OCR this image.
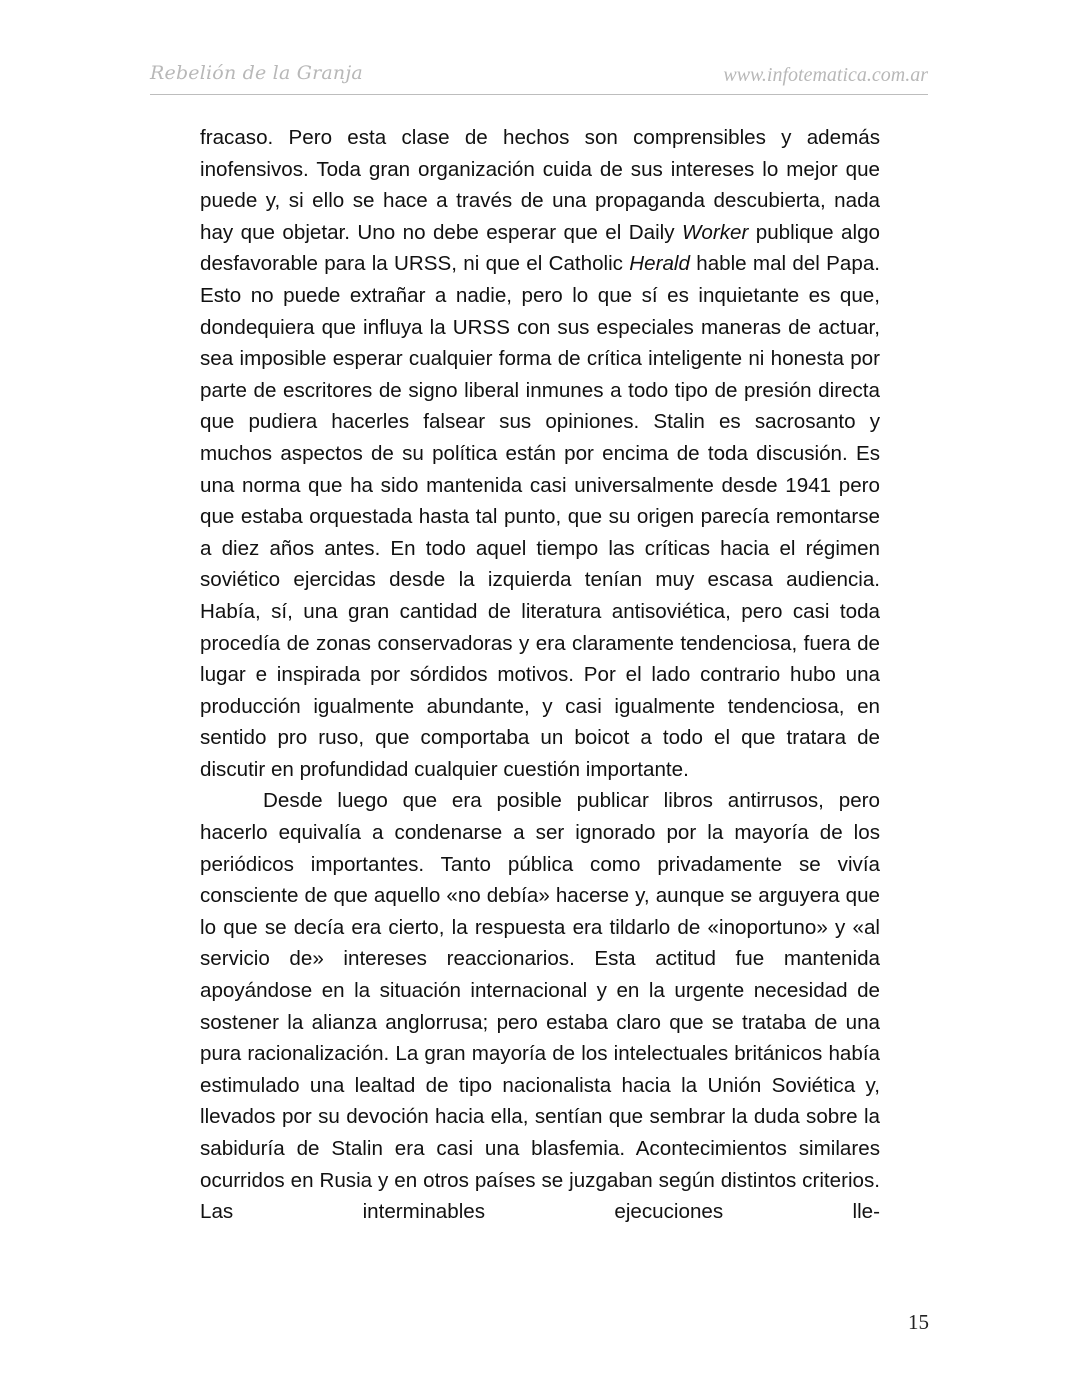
Rebelión de la Granja	www.infotematica.com.ar

fracaso. Pero esta clase de hechos son comprensibles y además inofensivos. Toda gran organización cuida de sus intereses lo mejor que puede y, si ello se hace a través de una propaganda descubierta, nada hay que objetar. Uno no debe esperar que el Daily Worker publique algo desfavorable para la URSS, ni que el Catholic Herald hable mal del Papa. Esto no puede extrañar a nadie, pero lo que sí es inquietante es que, dondequiera que influya la URSS con sus especiales maneras de actuar, sea imposible esperar cualquier forma de crítica inteligente ni honesta por parte de escritores de signo liberal inmunes a todo tipo de presión directa que pudiera hacerles falsear sus opiniones. Stalin es sacrosanto y muchos aspectos de su política están por encima de toda discusión. Es una norma que ha sido mantenida casi universalmente desde 1941 pero que estaba orquestada hasta tal punto, que su origen parecía remontarse a diez años antes. En todo aquel tiempo las críticas hacia el régimen soviético ejercidas desde la izquierda tenían muy escasa audiencia. Había, sí, una gran cantidad de literatura antisoviética, pero casi toda procedía de zonas conservadoras y era claramente tendenciosa, fuera de lugar e inspirada por sórdidos motivos. Por el lado contrario hubo una producción igualmente abundante, y casi igualmente tendenciosa, en sentido pro ruso, que comportaba un boicot a todo el que tratara de discutir en profundidad cualquier cuestión importante.

Desde luego que era posible publicar libros antirrusos, pero hacerlo equivalía a condenarse a ser ignorado por la mayoría de los periódicos importantes. Tanto pública como privadamente se vivía consciente de que aquello «no debía» hacerse y, aunque se arguyera que lo que se decía era cierto, la respuesta era tildarlo de «inoportuno» y «al servicio de» intereses reaccionarios. Esta actitud fue mantenida apoyándose en la situación internacional y en la urgente necesidad de sostener la alianza anglorrusa; pero estaba claro que se trataba de una pura racionalización. La gran mayoría de los intelectuales británicos había estimulado una lealtad de tipo nacionalista hacia la Unión Soviética y, llevados por su devoción hacia ella, sentían que sembrar la duda sobre la sabiduría de Stalin era casi una blasfemia. Acontecimientos similares ocurridos en Rusia y en otros países se juzgaban según distintos criterios. Las interminables ejecuciones lle-

15
